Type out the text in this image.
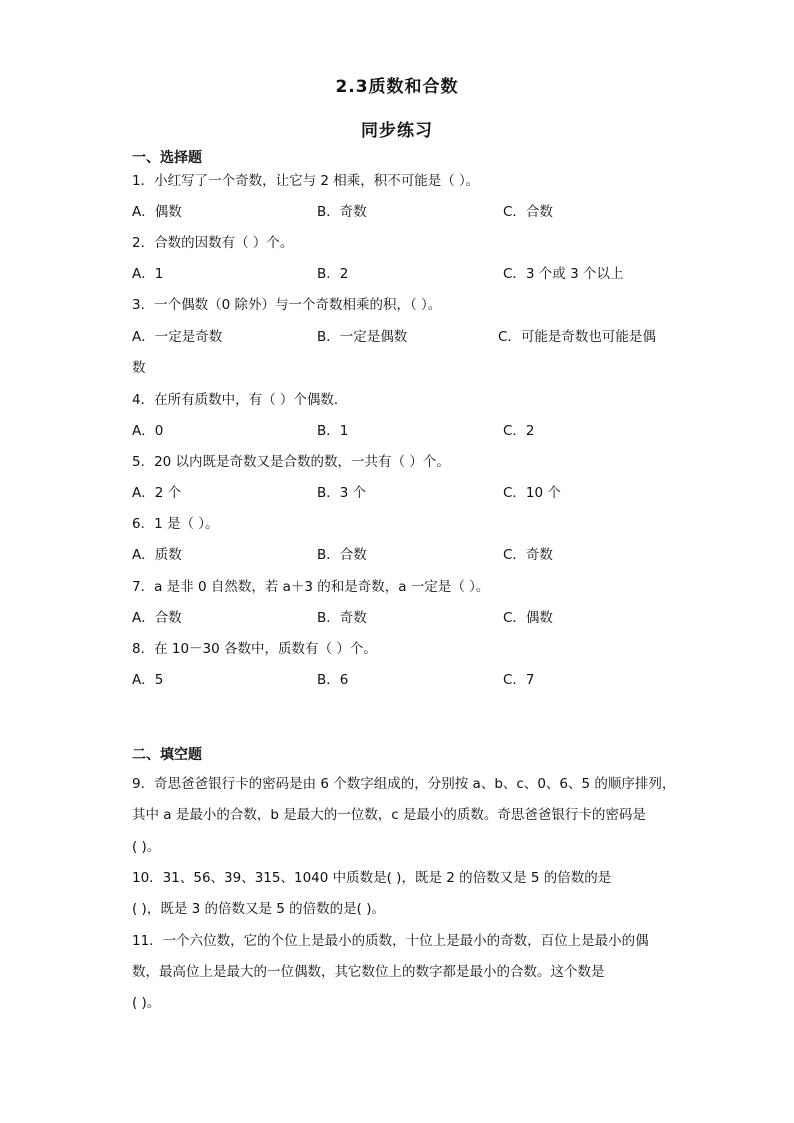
2.3质数和合数
同步练习
一、选择题
1．小红写了一个奇数，让它与 2 相乘，积不可能是（ ）。
A．偶数	B．奇数	C．合数
2．合数的因数有（ ）个。
A．1	B．2	C．3 个或 3 个以上
3．一个偶数（0 除外）与一个奇数相乘的积，（ ）。
A．一定是奇数	B．一定是偶数	C．可能是奇数也可能是偶
数
4．在所有质数中，有（ ）个偶数．
A．0	B．1	C．2
5．20 以内既是奇数又是合数的数，一共有（ ）个。
A．2 个	B．3 个	C．10 个
6．1 是（ ）。
A．质数	B．合数	C．奇数
7．a 是非 0 自然数，若 a＋3 的和是奇数，a 一定是（ ）。
A．合数	B．奇数	C．偶数
8．在 10－30 各数中，质数有（ ）个。
A．5	B．6	C．7
二、填空题
9．奇思爸爸银行卡的密码是由 6 个数字组成的，分别按 a、b、c、0、6、5 的顺序排列，
其中 a 是最小的合数，b 是最大的一位数，c 是最小的质数。奇思爸爸银行卡的密码是
( )。
10．31、56、39、315、1040 中质数是( )，既是 2 的倍数又是 5 的倍数的是
( )，既是 3 的倍数又是 5 的倍数的是( )。
11．一个六位数，它的个位上是最小的质数，十位上是最小的奇数，百位上是最小的偶
数，最高位上是最大的一位偶数，其它数位上的数字都是最小的合数。这个数是
( )。
